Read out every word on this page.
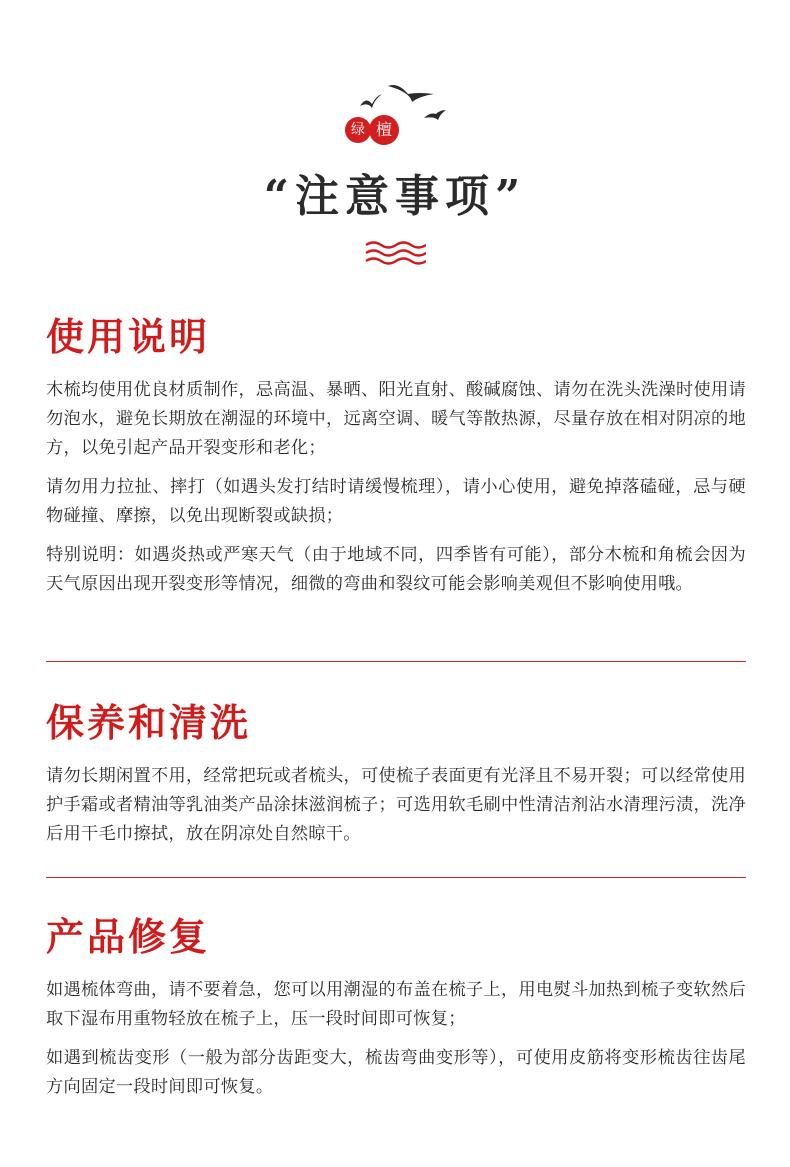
绿 檀
“注意事项”
使用说明

木梳均使用优良材质制作，忌高温、暴晒、阳光直射、酸碱腐蚀、请勿在洗头洗澡时使用请勿泡水，避免长期放在潮湿的环境中，远离空调、暖气等散热源，尽量存放在相对阴凉的地方，以免引起产品开裂变形和老化；

请勿用力拉扯、摔打（如遇头发打结时请缓慢梳理），请小心使用，避免掉落磕碰，忌与硬物碰撞、摩擦，以免出现断裂或缺损；

特别说明：如遇炎热或严寒天气（由于地域不同，四季皆有可能），部分木梳和角梳会因为天气原因出现开裂变形等情况，细微的弯曲和裂纹可能会影响美观但不影响使用哦。

保养和清洗

请勿长期闲置不用，经常把玩或者梳头，可使梳子表面更有光泽且不易开裂；可以经常使用护手霜或者精油等乳油类产品涂抹滋润梳子；可选用软毛刷中性清洁剂沾水清理污渍，洗净后用干毛巾擦拭，放在阴凉处自然晾干。

产品修复

如遇梳体弯曲，请不要着急，您可以用潮湿的布盖在梳子上，用电熨斗加热到梳子变软然后取下湿布用重物轻放在梳子上，压一段时间即可恢复；

如遇到梳齿变形（一般为部分齿距变大，梳齿弯曲变形等），可使用皮筋将变形梳齿往齿尾方向固定一段时间即可恢复。
